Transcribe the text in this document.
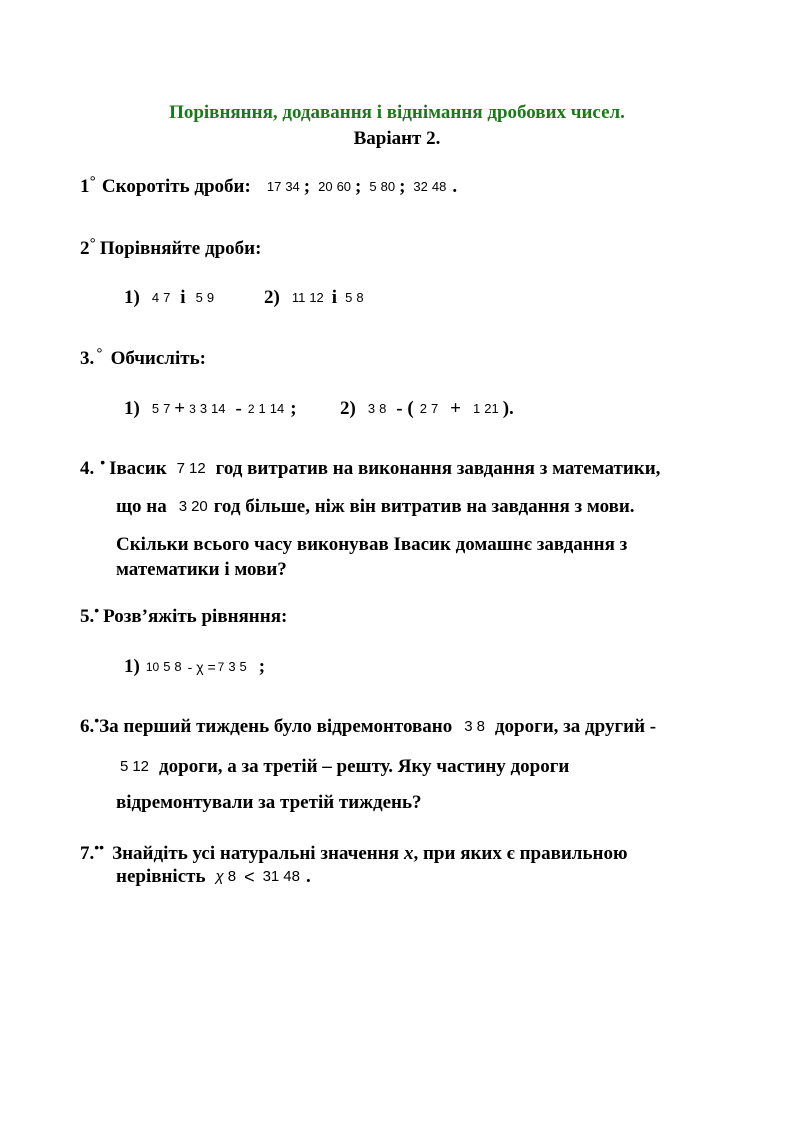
Порівняння, додавання і віднімання дробових чисел.
Варіант 2.
1 ° Скоротіть дроби: 17 34 ; 20 60 ; 5 80 ; 32 48 .
2 ° Порівняйте дроби:
1) 4 7 і 5 9	2) 11 12 і 5 8
3. ° Обчисліть:
1) 5 7 + 3 3 14 - 2 1 14 ; 2) 3 8 - ( 2 7 + 1 21 ).
4. • Івасик 7 12 год витратив на виконання завдання з математики,
що на 3 20 год більше, ніж він витратив на завдання з мови.
Скільки всього часу виконував Івасик домашнє завдання з
математики і мови?
5. • Розв’яжіть рівняння:
1) 10 5 8 - χ = 7 3 5 ;
6. • За перший тиждень було відремонтовано 3 8 дороги, за другий -
5 12 дороги, а за третій – решту. Яку частину дороги
відремонтували за третій тиждень?
7. •• Знайдіть усі натуральні значення x , при яких є правильною
нерівність χ 8 < 31 48 .
